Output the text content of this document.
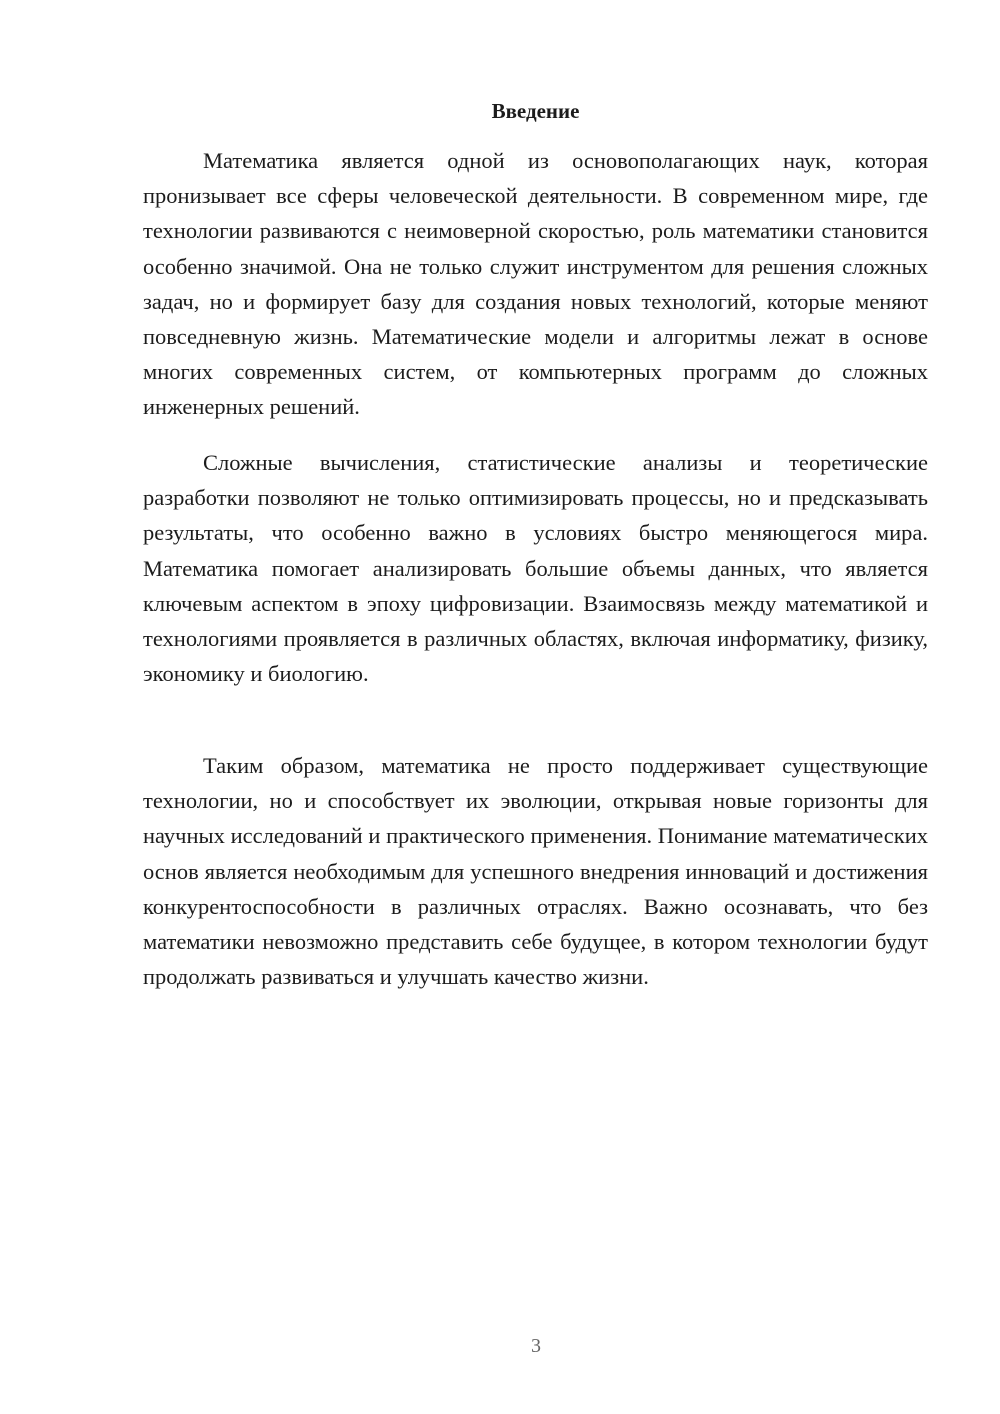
Введение

Математика является одной из основополагающих наук, которая пронизывает все сферы человеческой деятельности. В современном мире, где технологии развиваются с неимоверной скоростью, роль математики становится особенно значимой. Она не только служит инструментом для решения сложных задач, но и формирует базу для создания новых технологий, которые меняют повседневную жизнь. Математические модели и алгоритмы лежат в основе многих современных систем, от компьютерных программ до сложных инженерных решений.

Сложные вычисления, статистические анализы и теоретические разработки позволяют не только оптимизировать процессы, но и предсказывать результаты, что особенно важно в условиях быстро меняющегося мира. Математика помогает анализировать большие объемы данных, что является ключевым аспектом в эпоху цифровизации. Взаимосвязь между математикой и технологиями проявляется в различных областях, включая информатику, физику, экономику и биологию.

Таким образом, математика не просто поддерживает существующие технологии, но и способствует их эволюции, открывая новые горизонты для научных исследований и практического применения. Понимание математических основ является необходимым для успешного внедрения инноваций и достижения конкурентоспособности в различных отраслях. Важно осознавать, что без математики невозможно представить себе будущее, в котором технологии будут продолжать развиваться и улучшать качество жизни.

3
